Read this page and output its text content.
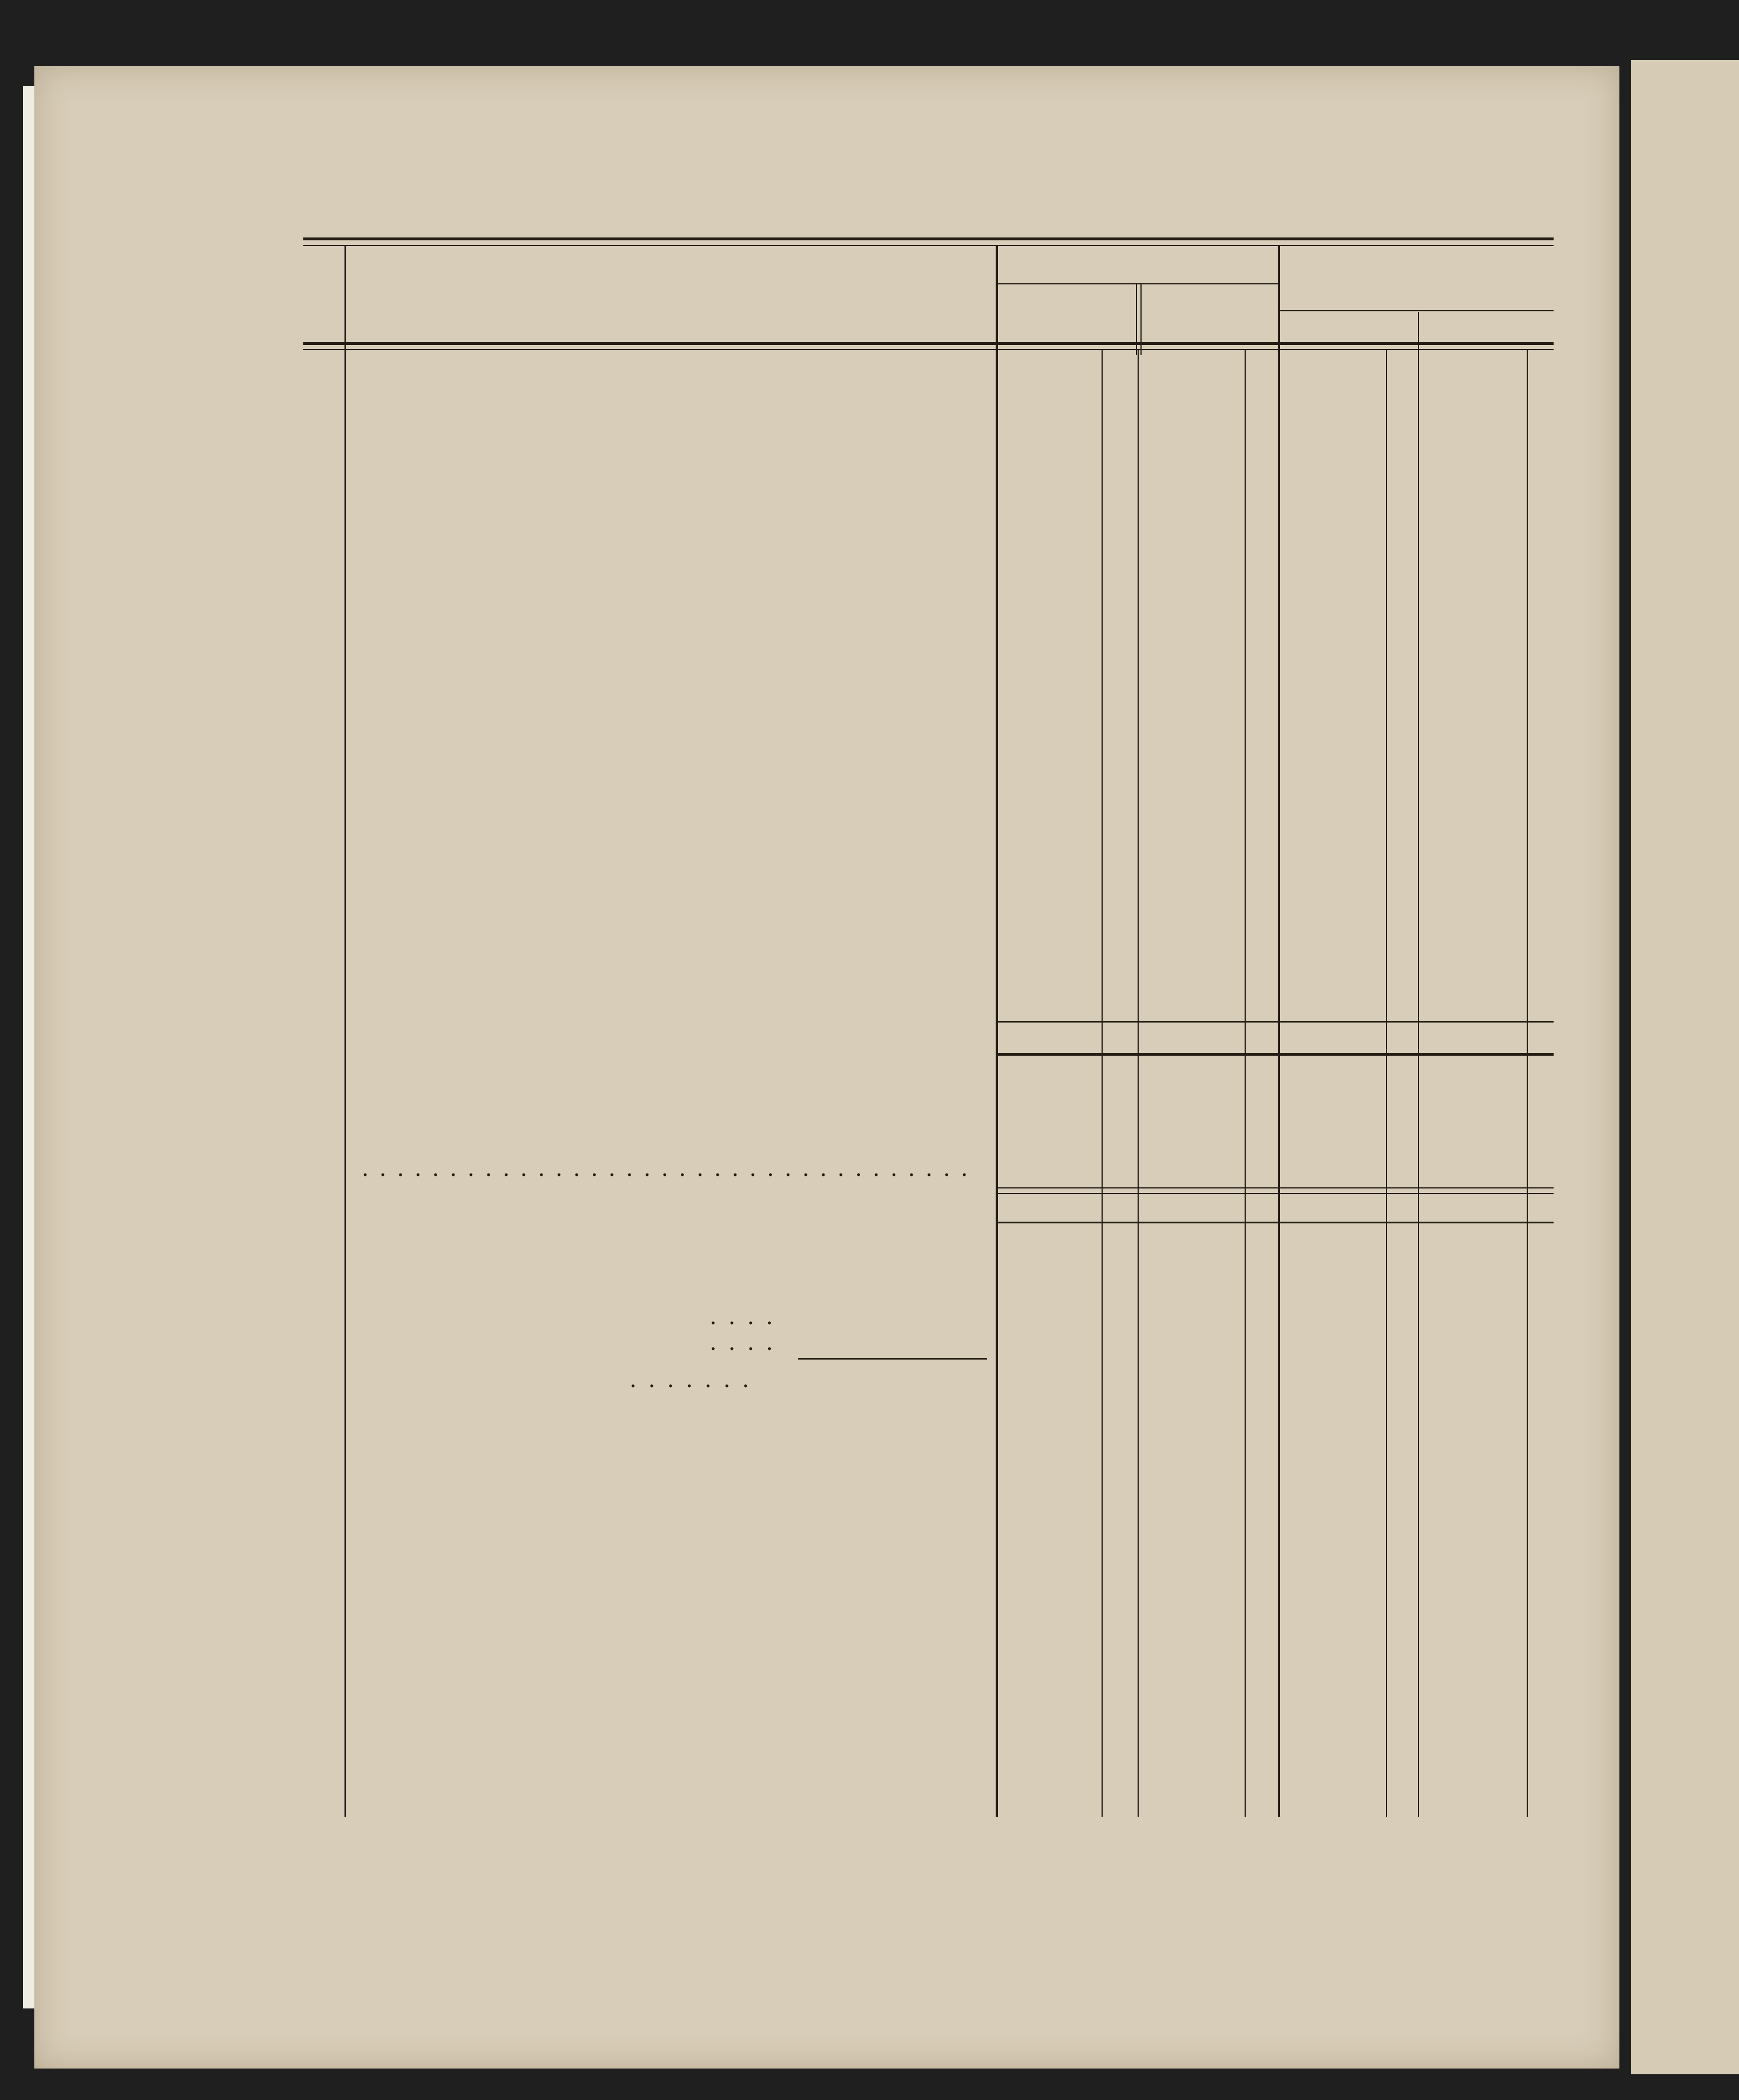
. . .
. . . .
. . . .
. . . . . . .
